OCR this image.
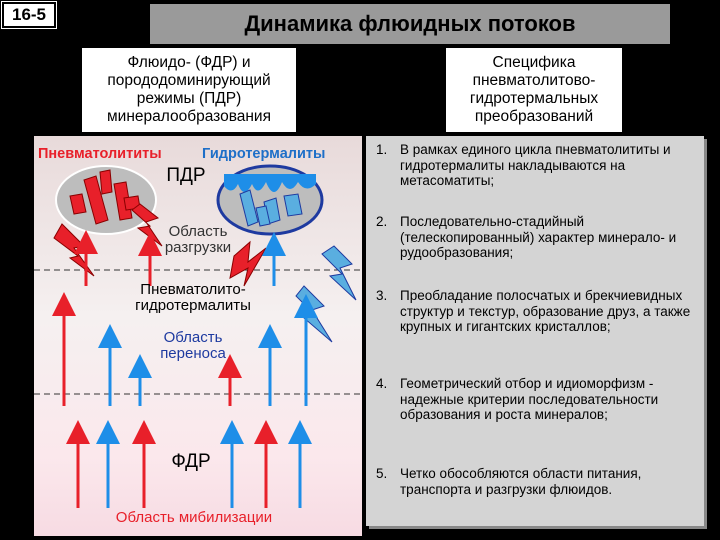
16-5	Динамика флюидных потоков
Флюидо- (ФДР) и порододоминирующий режимы (ПДР) минералообразования
Специфика пневматолитово-гидротермальных преобразований
Пневматолититы	Гидротермалиты
ПДР
Область разгрузки
Пневматолито-гидротермалиты
Область переноса
ФДР
Область мибилизации
1. В рамках единого цикла пневматолититы и гидротермалиты накладываются на метасоматиты;
2. Последовательно-стадийный (телескопированный) характер минерало- и рудообразования;
3. Преобладание полосчатых и брекчиевидных структур и текстур, образование друз, а также крупных и гигантских кристаллов;
4. Геометрический отбор и идиоморфизм - надежные критерии последовательности образования и роста минералов;
5. Четко обособляются области питания, транспорта и разгрузки флюидов.
